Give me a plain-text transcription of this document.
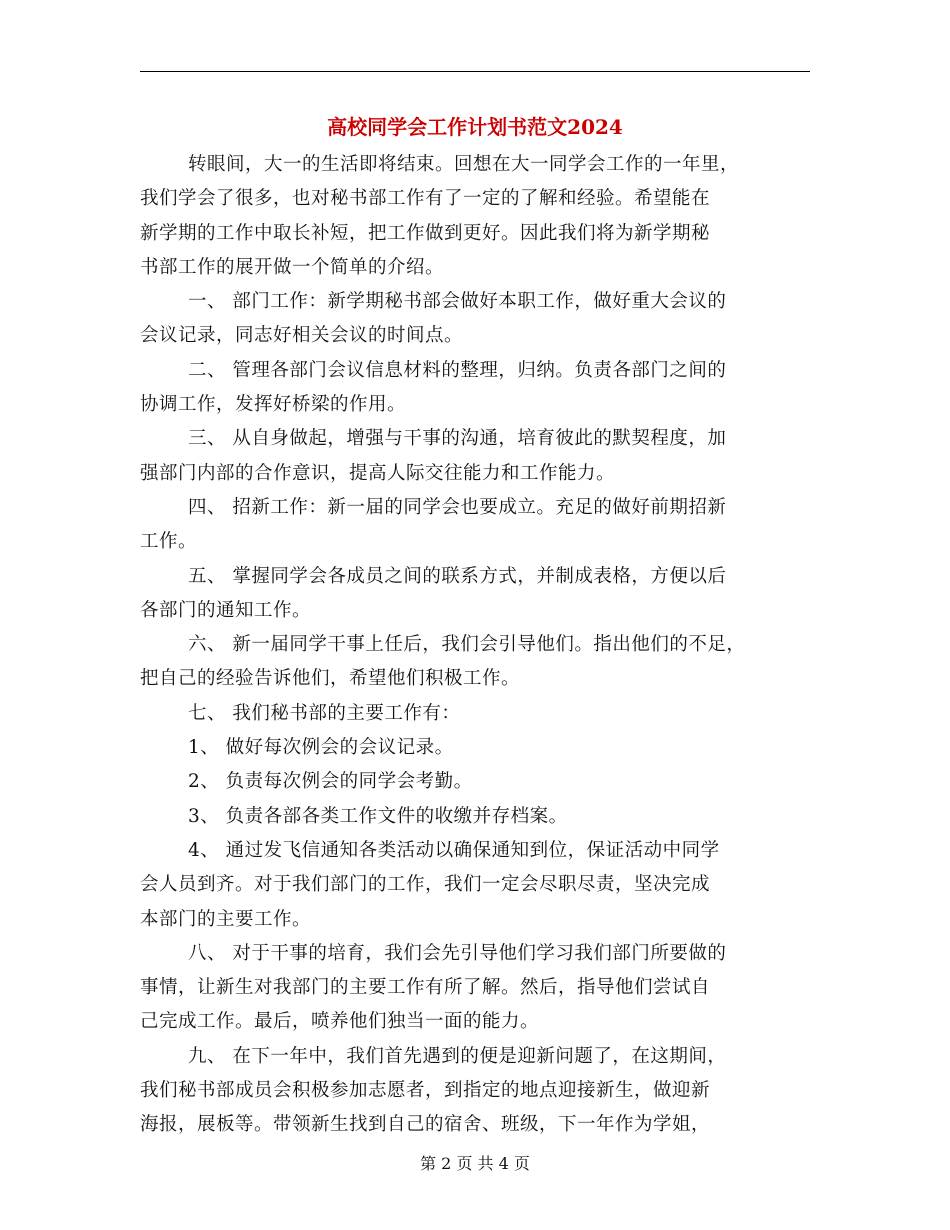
高校同学会工作计划书范文2024
转眼间，大一的生活即将结束。回想在大一同学会工作的一年里，
我们学会了很多，也对秘书部工作有了一定的了解和经验。希望能在
新学期的工作中取长补短，把工作做到更好。因此我们将为新学期秘
书部工作的展开做一个简单的介绍。
一、 部门工作：新学期秘书部会做好本职工作，做好重大会议的
会议记录，同志好相关会议的时间点。
二、 管理各部门会议信息材料的整理，归纳。负责各部门之间的
协调工作，发挥好桥梁的作用。
三、 从自身做起，增强与干事的沟通，培育彼此的默契程度，加
强部门内部的合作意识，提高人际交往能力和工作能力。
四、 招新工作：新一届的同学会也要成立。充足的做好前期招新
工作。
五、 掌握同学会各成员之间的联系方式，并制成表格，方便以后
各部门的通知工作。
六、 新一届同学干事上任后，我们会引导他们。指出他们的不足，
把自己的经验告诉他们，希望他们积极工作。
七、 我们秘书部的主要工作有：
1、 做好每次例会的会议记录。
2、 负责每次例会的同学会考勤。
3、 负责各部各类工作文件的收缴并存档案。
4、 通过发飞信通知各类活动以确保通知到位，保证活动中同学
会人员到齐。对于我们部门的工作，我们一定会尽职尽责，坚决完成
本部门的主要工作。
八、 对于干事的培育，我们会先引导他们学习我们部门所要做的
事情，让新生对我部门的主要工作有所了解。然后，指导他们尝试自
己完成工作。最后，喷养他们独当一面的能力。
九、 在下一年中，我们首先遇到的便是迎新问题了，在这期间，
我们秘书部成员会积极参加志愿者，到指定的地点迎接新生，做迎新
海报，展板等。带领新生找到自己的宿舍、班级，下一年作为学姐，
第 2 页 共 4 页
